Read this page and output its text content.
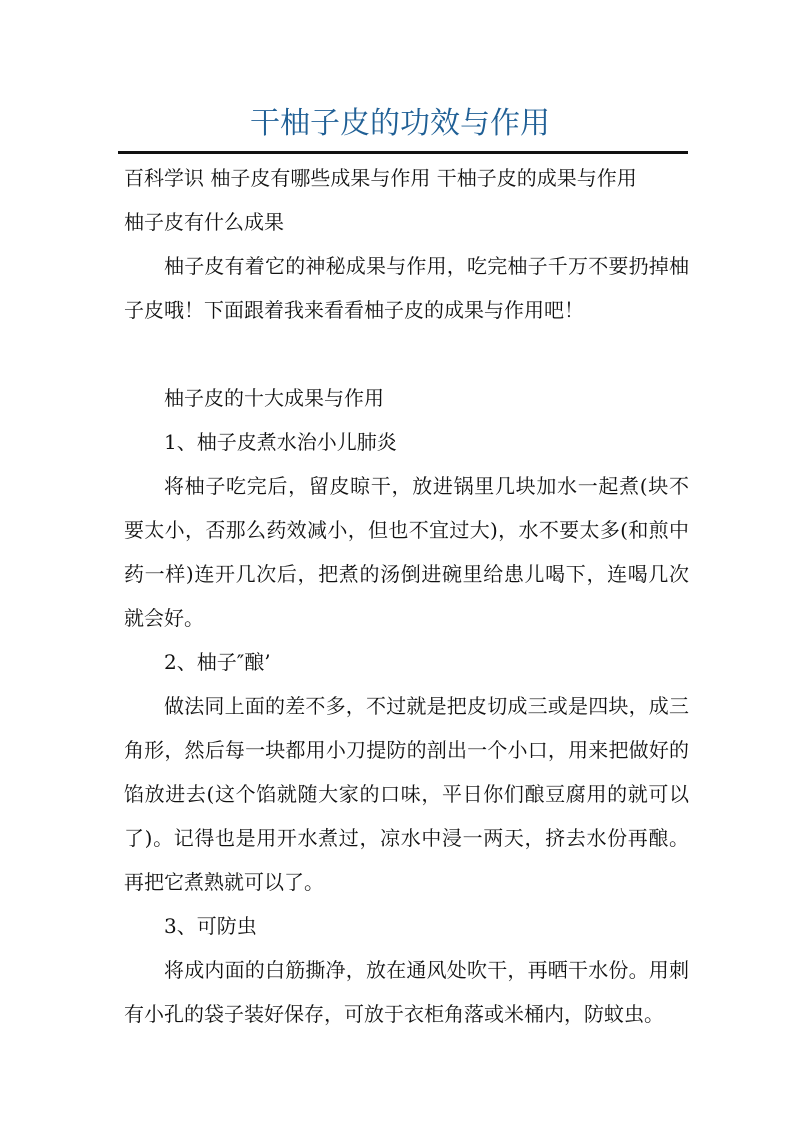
干柚子皮的功效与作用

百科学识 柚子皮有哪些成果与作用 干柚子皮的成果与作用

柚子皮有什么成果

柚子皮有着它的神秘成果与作用，吃完柚子千万不要扔掉柚子皮哦！下面跟着我来看看柚子皮的成果与作用吧！

柚子皮的十大成果与作用

1、柚子皮煮水治小儿肺炎

将柚子吃完后，留皮晾干，放进锅里几块加水一起煮(块不要太小，否那么药效减小，但也不宜过大)，水不要太多(和煎中药一样)连开几次后，把煮的汤倒进碗里给患儿喝下，连喝几次就会好。

2、柚子″酿’

做法同上面的差不多，不过就是把皮切成三或是四块，成三角形，然后每一块都用小刀提防的剖出一个小口，用来把做好的馅放进去(这个馅就随大家的口味，平日你们酿豆腐用的就可以了)。记得也是用开水煮过，凉水中浸一两天，挤去水份再酿。再把它煮熟就可以了。

3、可防虫

将成内面的白筋撕净，放在通风处吹干，再晒干水份。用刺有小孔的袋子装好保存，可放于衣柜角落或米桶内，防蚊虫。
